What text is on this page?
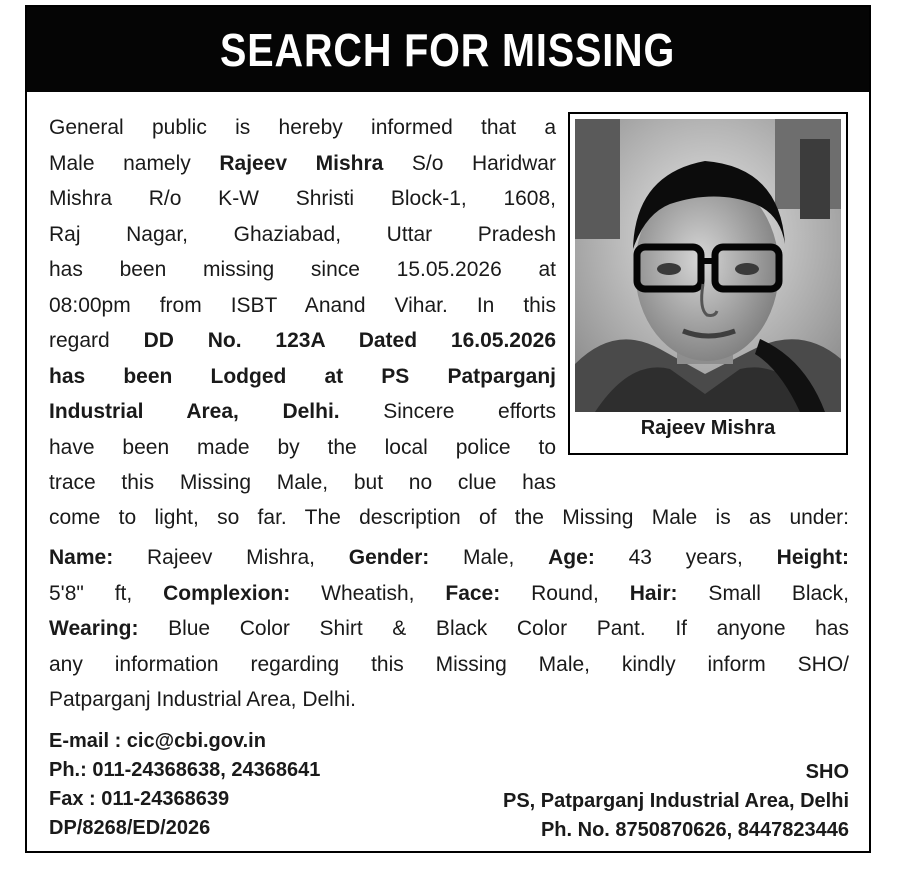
SEARCH FOR MISSING
General public is hereby informed that a
Male namely Rajeev Mishra S/o Haridwar
Mishra R/o K-W Shristi Block-1, 1608,
Raj Nagar, Ghaziabad, Uttar Pradesh
has been missing since 15.05.2026 at
08:00pm from ISBT Anand Vihar. In this
regard DD No. 123A Dated 16.05.2026
has been Lodged at PS Patparganj
Industrial Area, Delhi. Sincere efforts
have been made by the local police to
trace this Missing Male, but no clue has
Rajeev Mishra
come to light, so far. The description of the Missing Male is as under:
Name: Rajeev Mishra, Gender: Male, Age: 43 years, Height:
5'8" ft, Complexion: Wheatish, Face: Round, Hair: Small Black,
Wearing: Blue Color Shirt & Black Color Pant. If anyone has
any information regarding this Missing Male, kindly inform SHO/
Patparganj Industrial Area, Delhi.
E-mail : cic@cbi.gov.in
Ph.: 011-24368638, 24368641
Fax : 011-24368639
DP/8268/ED/2026
SHO
PS, Patparganj Industrial Area, Delhi
Ph. No. 8750870626, 8447823446
